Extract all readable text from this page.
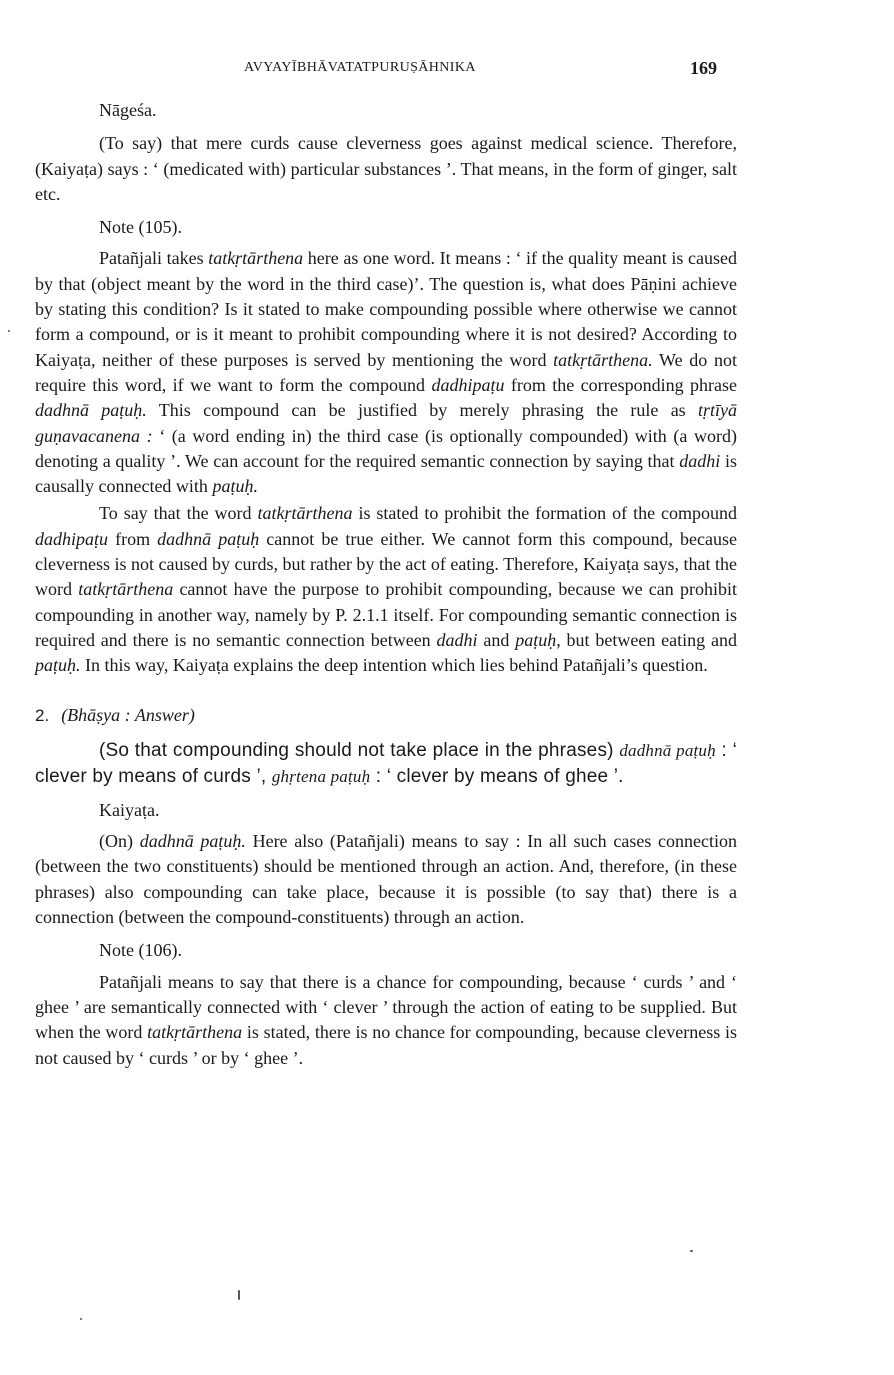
AVYAYĪBHĀVATATPURUṢĀHNIKA	169

Nāgeśa.

(To say) that mere curds cause cleverness goes against medical science. Therefore, (Kaiyaṭa) says : ‘ (medicated with) particular substances ’. That means, in the form of ginger, salt etc.

Note (105).

Patañjali takes tatkṛtārthena here as one word. It means : ‘ if the quality meant is caused by that (object meant by the word in the third case)’. The question is, what does Pāṇini achieve by stating this condition? Is it stated to make compounding possible where otherwise we cannot form a compound, or is it meant to prohibit compounding where it is not desired? According to Kaiyaṭa, neither of these purposes is served by mentioning the word tatkṛtārthena. We do not require this word, if we want to form the compound dadhipaṭu from the corresponding phrase dadhnā paṭuḥ. This compound can be justified by merely phrasing the rule as tṛtīyā guṇavacanena : ‘ (a word ending in) the third case (is optionally compounded) with (a word) denoting a quality ’. We can account for the required semantic connection by saying that dadhi is causally connected with paṭuḥ.

To say that the word tatkṛtārthena is stated to prohibit the formation of the compound dadhipaṭu from dadhnā paṭuḥ cannot be true either. We cannot form this compound, because cleverness is not caused by curds, but rather by the act of eating. Therefore, Kaiyaṭa says, that the word tatkṛtārthena cannot have the purpose to prohibit compounding, because we can prohibit compounding in another way, namely by P. 2.1.1 itself. For compounding semantic connection is required and there is no semantic connection between dadhi and paṭuḥ, but between eating and paṭuḥ. In this way, Kaiyaṭa explains the deep intention which lies behind Patañjali’s question.

2. (Bhāṣya : Answer)

(So that compounding should not take place in the phrases) dadhnā paṭuḥ : ‘ clever by means of curds ’, ghṛtena paṭuḥ : ‘ clever by means of ghee ’.

Kaiyaṭa.

(On) dadhnā paṭuḥ. Here also (Patañjali) means to say : In all such cases connection (between the two constituents) should be mentioned through an action. And, therefore, (in these phrases) also compounding can take place, because it is possible (to say that) there is a connection (between the compound-constituents) through an action.

Note (106).

Patañjali means to say that there is a chance for compounding, because ‘ curds ’ and ‘ ghee ’ are semantically connected with ‘ clever ’ through the action of eating to be supplied. But when the word tatkṛtārthena is stated, there is no chance for compounding, because cleverness is not caused by ‘ curds ’ or by ‘ ghee ’.
